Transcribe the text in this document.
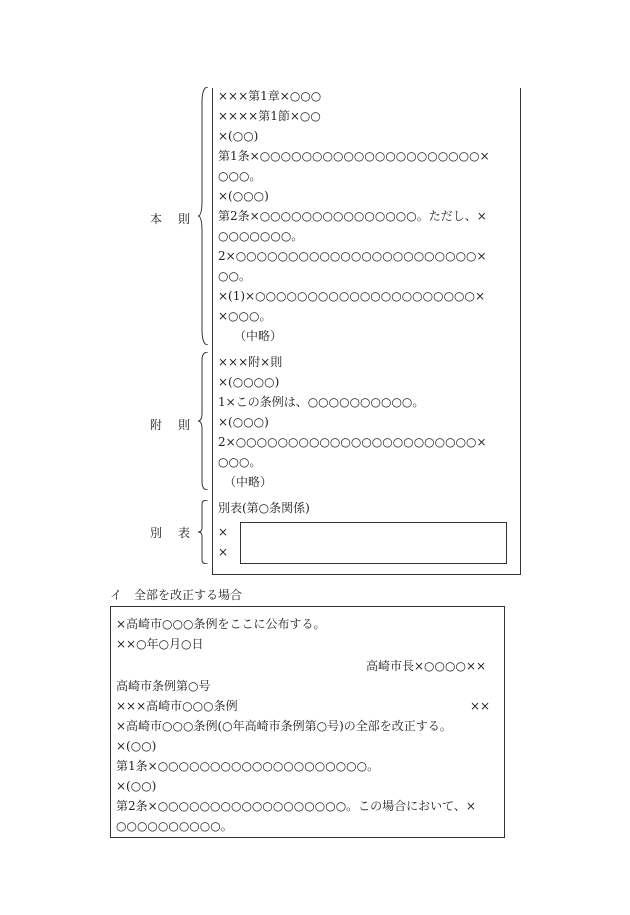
本則
×××第1章×○○○
××××第1節×○○
×(○○)
第1条×○○○○○○○○○○○○○○○○○○○○○×
○○○。
×(○○○)
第2条×○○○○○○○○○○○○○○○。ただし、×
○○○○○○○。
2×○○○○○○○○○○○○○○○○○○○○○○○×
○○。
×(1)×○○○○○○○○○○○○○○○○○○○○○×
×○○○。
（中略）
附則
×××附×則
×(○○○○)
1×この条例は、○○○○○○○○○○。
×(○○○)
2×○○○○○○○○○○○○○○○○○○○○○○○×
○○○。
（中略）
別表
別表(第○条関係)
×
×
イ　全部を改正する場合
×高崎市○○○条例をここに公布する。
××○年○月○日
高崎市長×○○○○××
高崎市条例第○号
×××高崎市○○○条例	××
×高崎市○○○条例(○年高崎市条例第○号)の全部を改正する。
×(○○)
第1条×○○○○○○○○○○○○○○○○○○○○。
×(○○)
第2条×○○○○○○○○○○○○○○○○○○。この場合において、×
○○○○○○○○○○。
